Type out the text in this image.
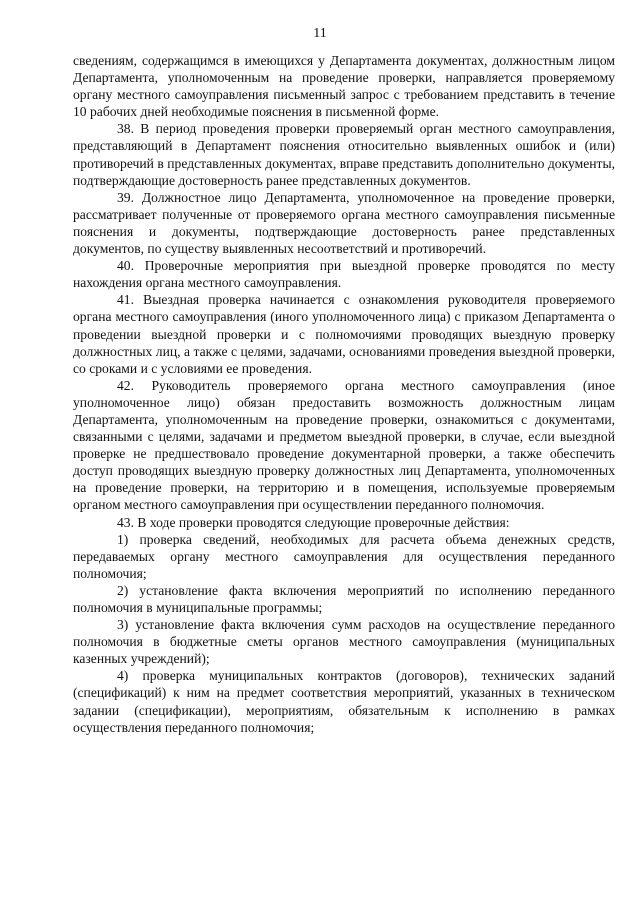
11

сведениям, содержащимся в имеющихся у Департамента документах, должностным лицом Департамента, уполномоченным на проведение проверки, направляется проверяемому органу местного самоуправления письменный запрос с требованием представить в течение 10 рабочих дней необходимые пояснения в письменной форме.

38. В период проведения проверки проверяемый орган местного самоуправления, представляющий в Департамент пояснения относительно выявленных ошибок и (или) противоречий в представленных документах, вправе представить дополнительно документы, подтверждающие достоверность ранее представленных документов.

39. Должностное лицо Департамента, уполномоченное на проведение проверки, рассматривает полученные от проверяемого органа местного самоуправления письменные пояснения и документы, подтверждающие достоверность ранее представленных документов, по существу выявленных несоответствий и противоречий.

40. Проверочные мероприятия при выездной проверке проводятся по месту нахождения органа местного самоуправления.

41. Выездная проверка начинается с ознакомления руководителя проверяемого органа местного самоуправления (иного уполномоченного лица) с приказом Департамента о проведении выездной проверки и с полномочиями проводящих выездную проверку должностных лиц, а также с целями, задачами, основаниями проведения выездной проверки, со сроками и с условиями ее проведения.

42. Руководитель проверяемого органа местного самоуправления (иное уполномоченное лицо) обязан предоставить возможность должностным лицам Департамента, уполномоченным на проведение проверки, ознакомиться с документами, связанными с целями, задачами и предметом выездной проверки, в случае, если выездной проверке не предшествовало проведение документарной проверки, а также обеспечить доступ проводящих выездную проверку должностных лиц Департамента, уполномоченных на проведение проверки, на территорию и в помещения, используемые проверяемым органом местного самоуправления при осуществлении переданного полномочия.

43. В ходе проверки проводятся следующие проверочные действия:

1) проверка сведений, необходимых для расчета объема денежных средств, передаваемых органу местного самоуправления для осуществления переданного полномочия;

2) установление факта включения мероприятий по исполнению переданного полномочия в муниципальные программы;

3) установление факта включения сумм расходов на осуществление переданного полномочия в бюджетные сметы органов местного самоуправления (муниципальных казенных учреждений);

4) проверка муниципальных контрактов (договоров), технических заданий (спецификаций) к ним на предмет соответствия мероприятий, указанных в техническом задании (спецификации), мероприятиям, обязательным к исполнению в рамках осуществления переданного полномочия;
